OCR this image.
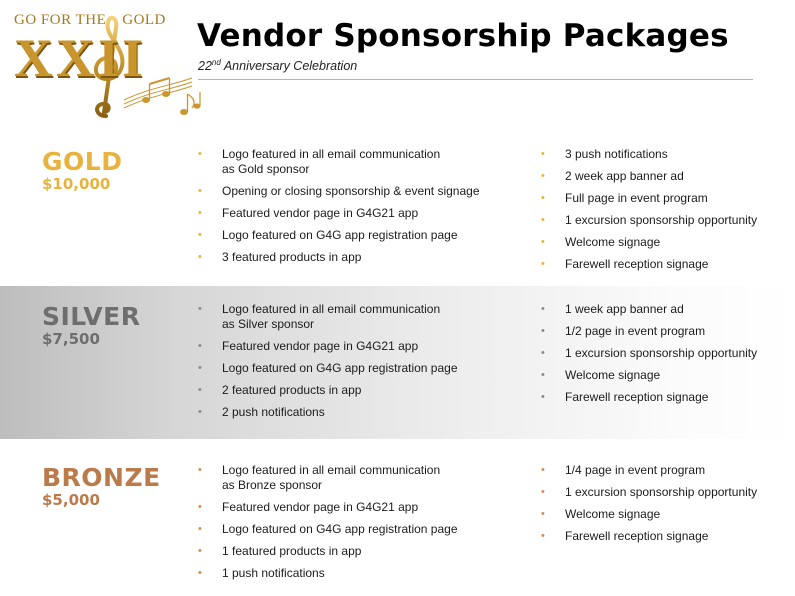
GO FOR THE GOLD
XXII Vendor Sponsorship Packages
22nd Anniversary Celebration
GOLD
$10,000
• Logo featured in all email communication
as Gold sponsor
• Opening or closing sponsorship & event signage
• Featured vendor page in G4G21 app
• Logo featured on G4G app registration page
• 3 featured products in app
• 3 push notifications
• 2 week app banner ad
• Full page in event program
• 1 excursion sponsorship opportunity
• Welcome signage
• Farewell reception signage
SILVER
$7,500
• Logo featured in all email communication
as Silver sponsor
• Featured vendor page in G4G21 app
• Logo featured on G4G app registration page
• 2 featured products in app
• 2 push notifications
• 1 week app banner ad
• 1/2 page in event program
• 1 excursion sponsorship opportunity
• Welcome signage
• Farewell reception signage
BRONZE
$5,000
• Logo featured in all email communication
as Bronze sponsor
• Featured vendor page in G4G21 app
• Logo featured on G4G app registration page
• 1 featured products in app
• 1 push notifications
• 1/4 page in event program
• 1 excursion sponsorship opportunity
• Welcome signage
• Farewell reception signage
